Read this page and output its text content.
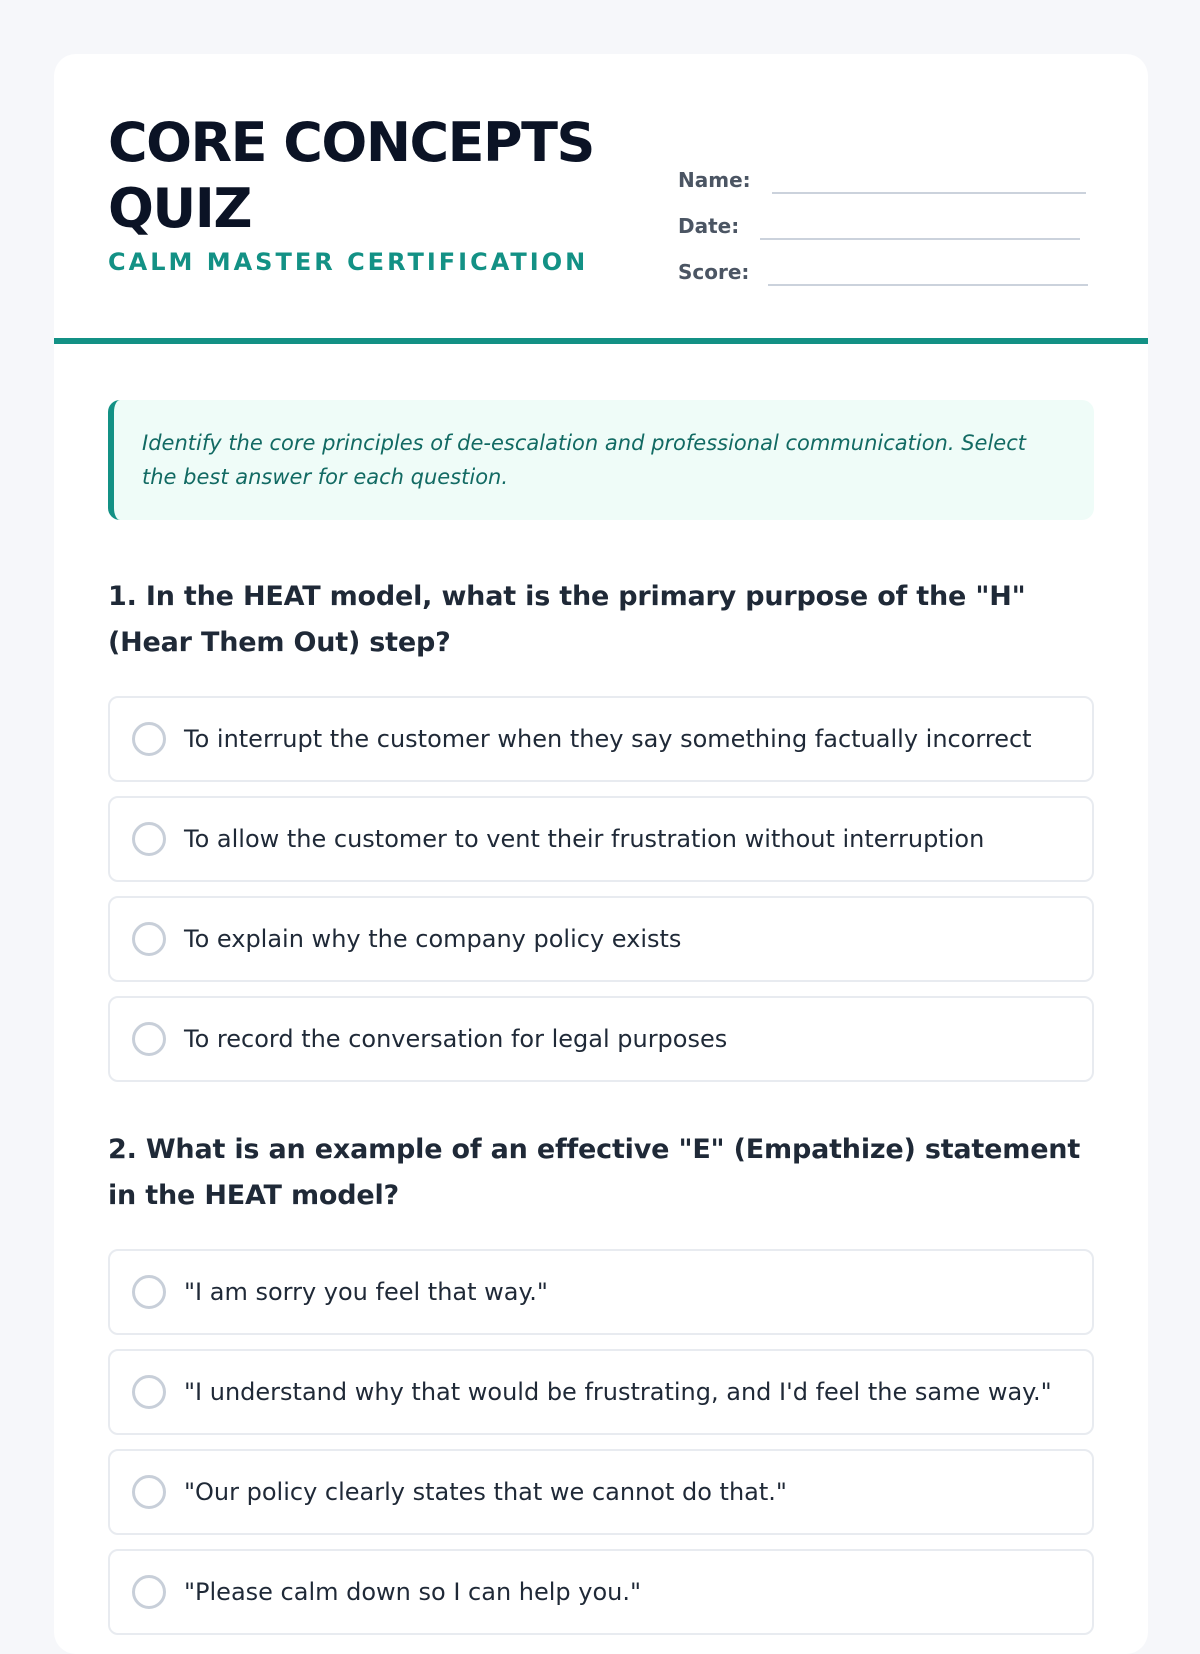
CORE CONCEPTS QUIZ
CALM MASTER CERTIFICATION
Name:
Date:
Score:
Identify the core principles of de-escalation and professional communication. Select the best answer for each question.
1. In the HEAT model, what is the primary purpose of the "H" (Hear Them Out) step?
To interrupt the customer when they say something factually incorrect
To allow the customer to vent their frustration without interruption
To explain why the company policy exists
To record the conversation for legal purposes
2. What is an example of an effective "E" (Empathize) statement in the HEAT model?
"I am sorry you feel that way."
"I understand why that would be frustrating, and I'd feel the same way."
"Our policy clearly states that we cannot do that."
"Please calm down so I can help you."
